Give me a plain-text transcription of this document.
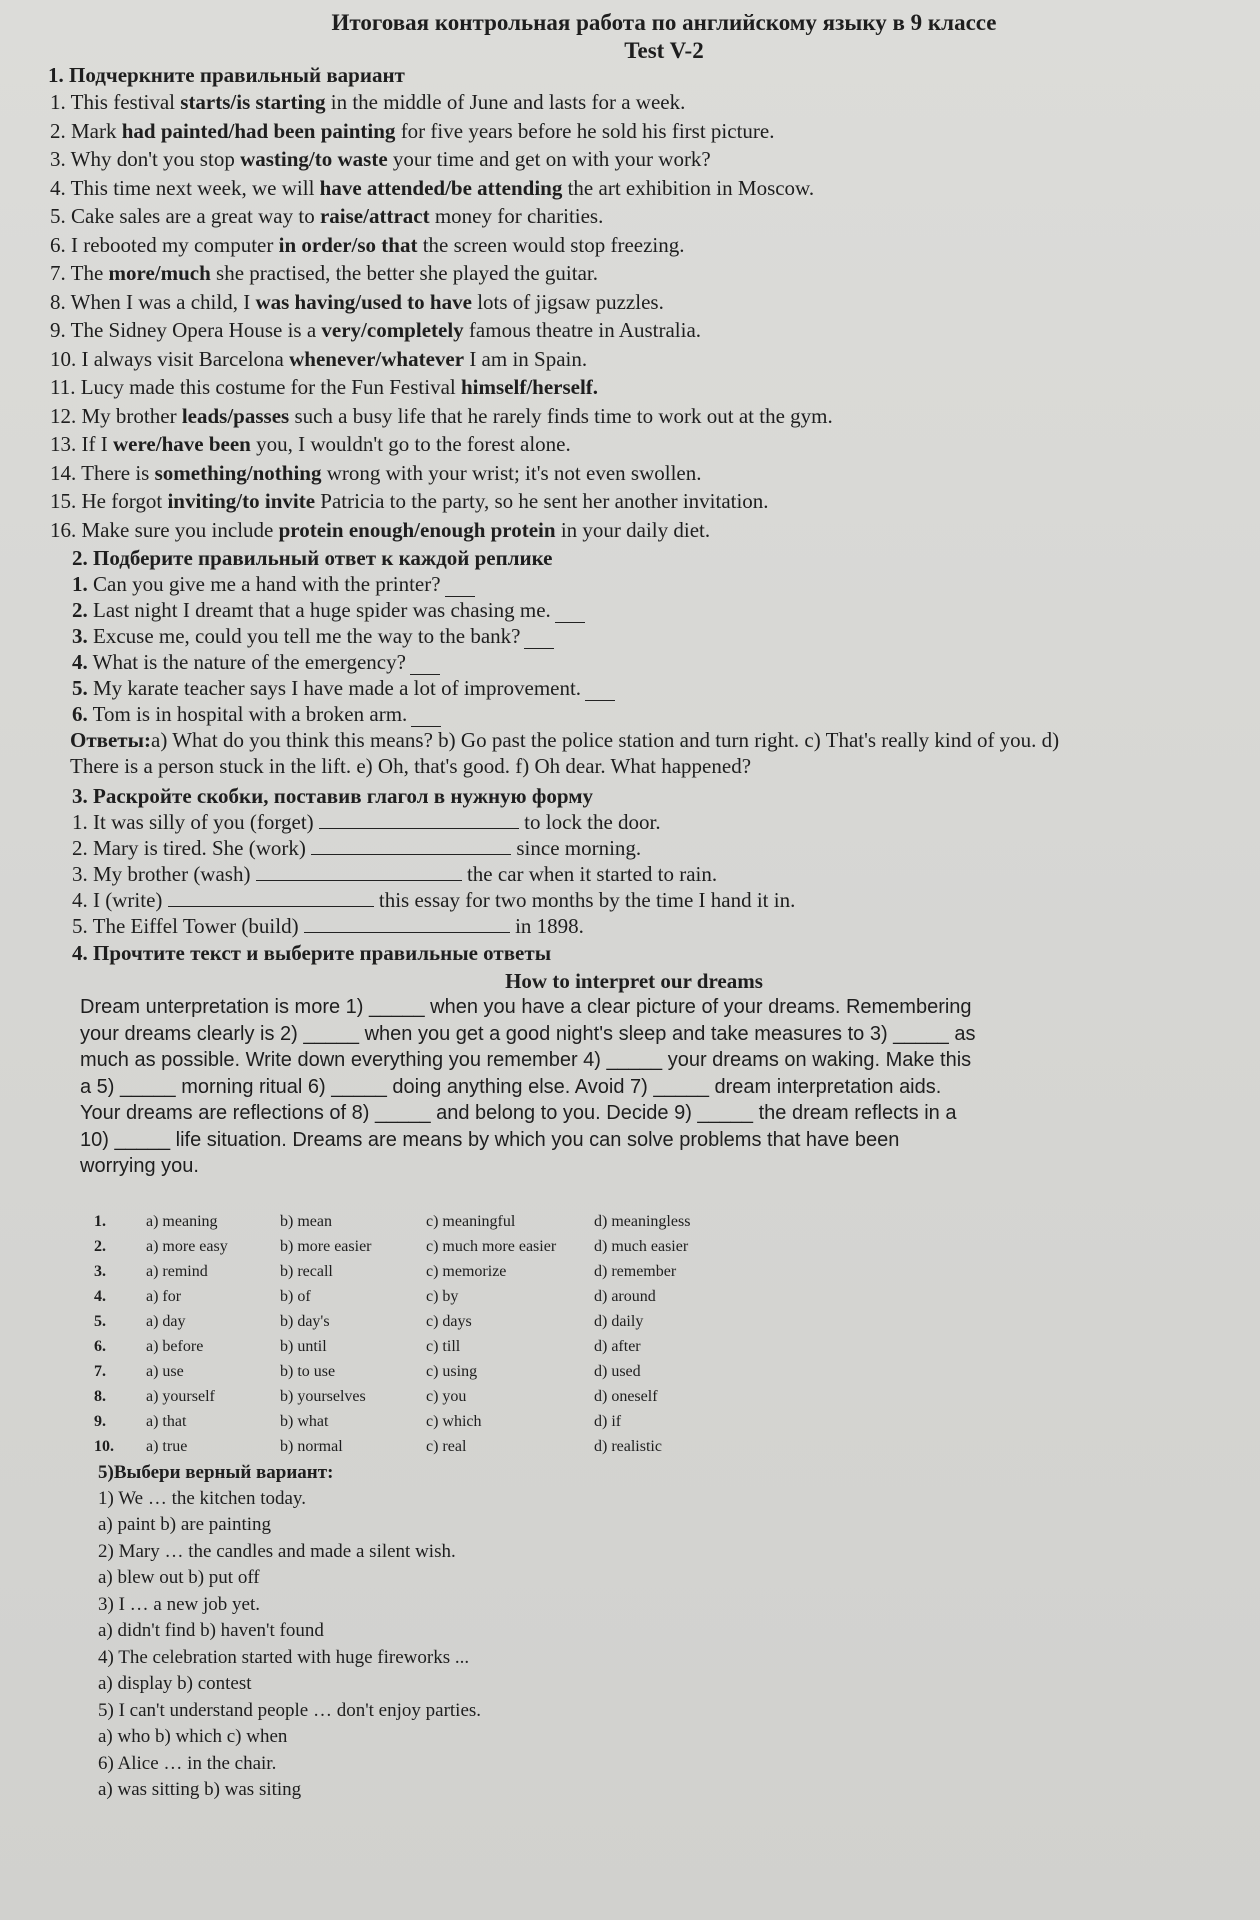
Итоговая контрольная работа по английскому языку в 9 классе
Test V-2
1. Подчеркните правильный вариант
1. This festival starts/is starting in the middle of June and lasts for a week.
2. Mark had painted/had been painting for five years before he sold his first picture.
3. Why don't you stop wasting/to waste your time and get on with your work?
4. This time next week, we will have attended/be attending the art exhibition in Moscow.
5. Cake sales are a great way to raise/attract money for charities.
6. I rebooted my computer in order/so that the screen would stop freezing.
7. The more/much she practised, the better she played the guitar.
8. When I was a child, I was having/used to have lots of jigsaw puzzles.
9. The Sidney Opera House is a very/completely famous theatre in Australia.
10. I always visit Barcelona whenever/whatever I am in Spain.
11. Lucy made this costume for the Fun Festival himself/herself.
12. My brother leads/passes such a busy life that he rarely finds time to work out at the gym.
13. If I were/have been you, I wouldn't go to the forest alone.
14. There is something/nothing wrong with your wrist; it's not even swollen.
15. He forgot inviting/to invite Patricia to the party, so he sent her another invitation.
16. Make sure you include protein enough/enough protein in your daily diet.
2. Подберите правильный ответ к каждой реплике
1. Can you give me a hand with the printer?
2. Last night I dreamt that a huge spider was chasing me.
3. Excuse me, could you tell me the way to the bank?
4. What is the nature of the emergency?
5. My karate teacher says I have made a lot of improvement.
6. Tom is in hospital with a broken arm.
Ответы:a) What do you think this means? b) Go past the police station and turn right. c) That's really kind of you. d) There is a person stuck in the lift. e) Oh, that's good. f) Oh dear. What happened?
3. Раскройте скобки, поставив глагол в нужную форму
1. It was silly of you (forget)	to lock the door.
2. Mary is tired. She (work)	since morning.
3. My brother (wash)	the car when it started to rain.
4. I (write)	this essay for two months by the time I hand it in.
5. The Eiffel Tower (build)	in 1898.
4. Прочтите текст и выберите правильные ответы
How to interpret our dreams
Dream unterpretation is more 1) _____ when you have a clear picture of your dreams. Remembering your dreams clearly is 2) _____ when you get a good night's sleep and take measures to 3) _____ as much as possible. Write down everything you remember 4) _____ your dreams on waking. Make this a 5) _____ morning ritual 6) _____ doing anything else. Avoid 7) _____ dream interpretation aids. Your dreams are reflections of 8) _____ and belong to you. Decide 9) _____ the dream reflects in a 10) _____ life situation. Dreams are means by which you can solve problems that have been worrying you.
1.	a) meaning	b) mean	c) meaningful	d) meaningless
2.	a) more easy	b) more easier	c) much more easier	d) much easier
3.	a) remind	b) recall	c) memorize	d) remember
4.	a) for	b) of	c) by	d) around
5.	a) day	b) day's	c) days	d) daily
6.	a) before	b) until	c) till	d) after
7.	a) use	b) to use	c) using	d) used
8.	a) yourself	b) yourselves	c) you	d) oneself
9.	a) that	b) what	c) which	d) if
10.	a) true	b) normal	c) real	d) realistic
5)Выбери верный вариант:
1) We … the kitchen today.
a) paint b) are painting
2) Mary … the candles and made a silent wish.
a) blew out b) put off
3) I … a new job yet.
a) didn't find b) haven't found
4) The celebration started with huge fireworks ...
a) display b) contest
5) I can't understand people … don't enjoy parties.
a) who b) which c) when
6) Alice … in the chair.
a) was sitting b) was siting
